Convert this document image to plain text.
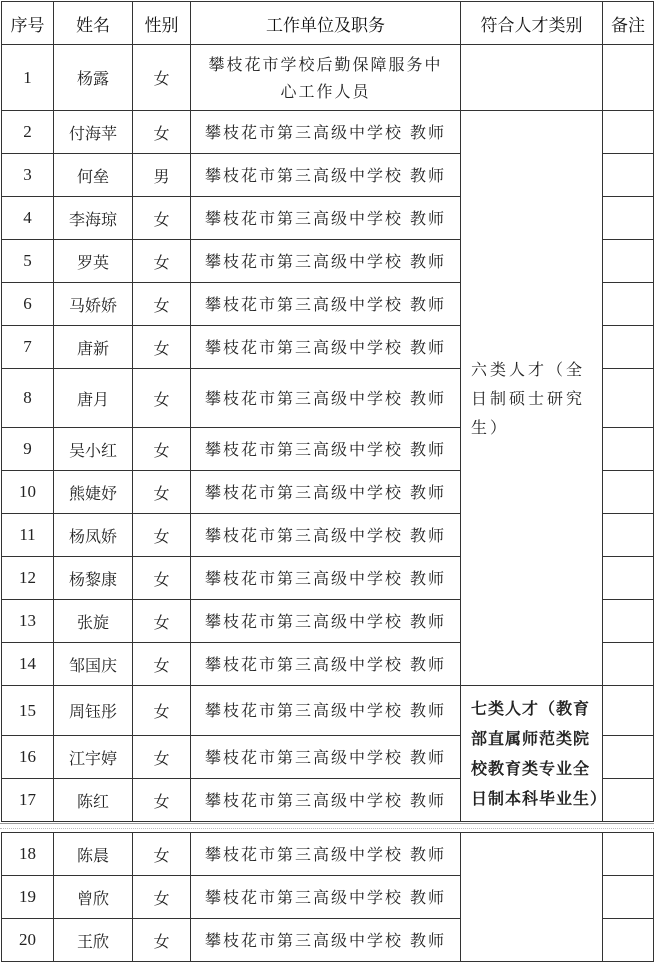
序号	姓名	性别	工作单位及职务	符合人才类别	备注
1	杨露	女	攀枝花市学校后勤保障服务中心工作人员		
2	付海苹	女	攀枝花市第三高级中学校 教师	六类人才（全日制硕士研究生）	
3	何垒	男	攀枝花市第三高级中学校 教师		
4	李海琼	女	攀枝花市第三高级中学校 教师		
5	罗英	女	攀枝花市第三高级中学校 教师		
6	马娇娇	女	攀枝花市第三高级中学校 教师		
7	唐新	女	攀枝花市第三高级中学校 教师		
8	唐月	女	攀枝花市第三高级中学校 教师		
9	吴小红	女	攀枝花市第三高级中学校 教师		
10	熊婕妤	女	攀枝花市第三高级中学校 教师		
11	杨凤娇	女	攀枝花市第三高级中学校 教师		
12	杨黎康	女	攀枝花市第三高级中学校 教师		
13	张旋	女	攀枝花市第三高级中学校 教师		
14	邹国庆	女	攀枝花市第三高级中学校 教师		
15	周钰彤	女	攀枝花市第三高级中学校 教师	七类人才（教育部直属师范类院校教育类专业全日制本科毕业生）	
16	江宇婷	女	攀枝花市第三高级中学校 教师		
17	陈红	女	攀枝花市第三高级中学校 教师		
18	陈晨	女	攀枝花市第三高级中学校 教师		
19	曾欣	女	攀枝花市第三高级中学校 教师		
20	王欣	女	攀枝花市第三高级中学校 教师		
